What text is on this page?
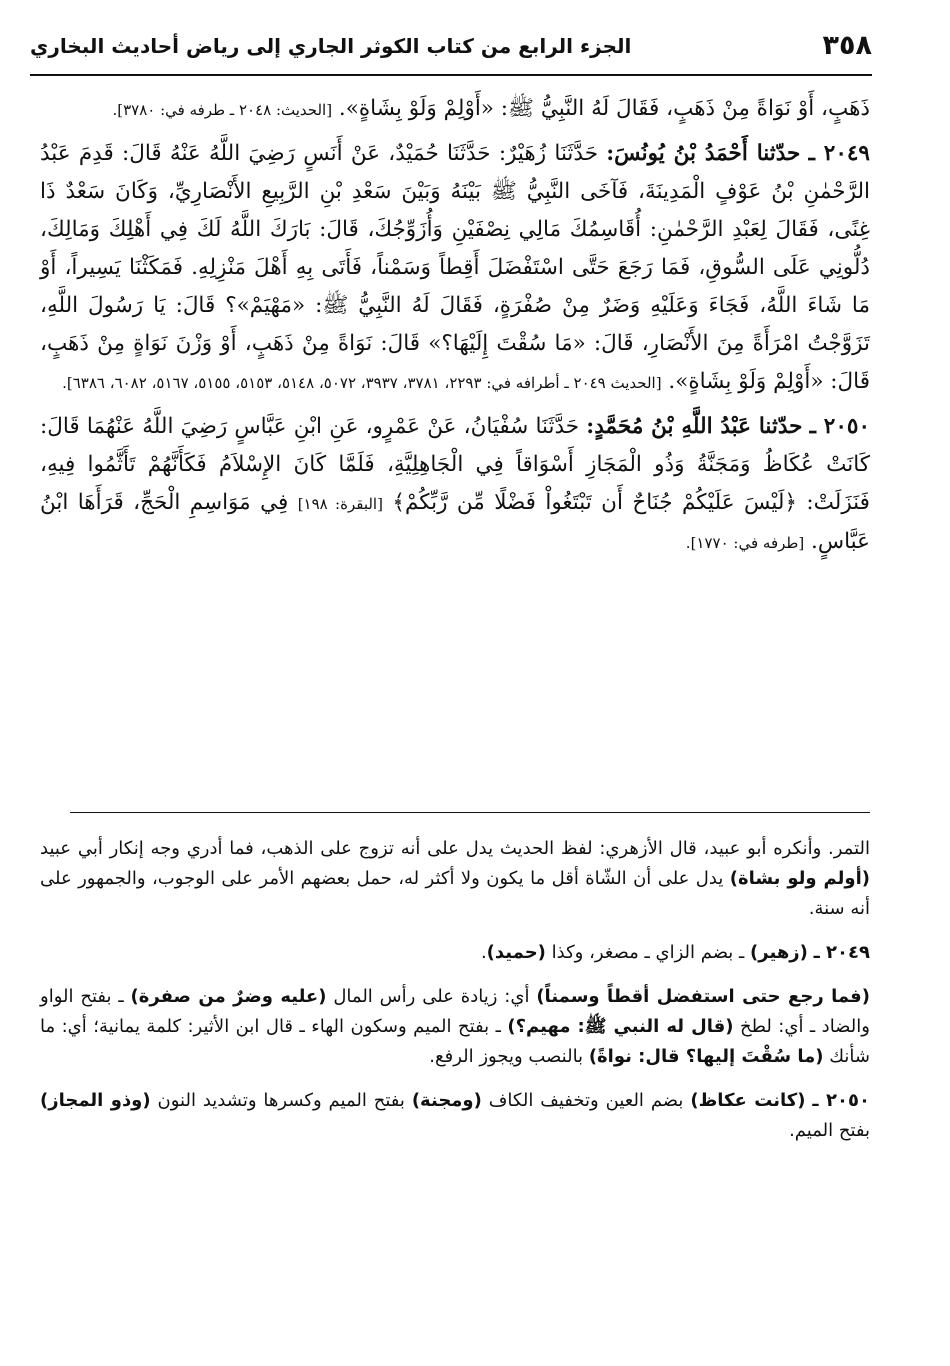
٣٥٨
الجزء الرابع من كتاب الكوثر الجاري إلى رياض أحاديث البخاري

ذَهَبٍ، أَوْ نَوَاةً مِنْ ذَهَبٍ، فَقَالَ لَهُ النَّبِيُّ ﷺ: «أَوْلِمْ وَلَوْ بِشَاةٍ». [الحديث: ٢٠٤٨ ـ طرفه في: ٣٧٨٠].

٢٠٤٩ ـ حدّثنا أَحْمَدُ بْنُ يُونُسَ: حَدَّثَنَا زُهَيْرٌ: حَدَّثَنَا حُمَيْدٌ، عَنْ أَنَسٍ رَضِيَ اللَّهُ عَنْهُ قَالَ: قَدِمَ عَبْدُ الرَّحْمٰنِ بْنُ عَوْفٍ الْمَدِينَةَ، فَآخَى النَّبِيُّ ﷺ بَيْنَهُ وَبَيْنَ سَعْدِ بْنِ الرَّبِيعِ الأَنْصَارِيِّ، وَكَانَ سَعْدٌ ذَا غِنًى، فَقَالَ لِعَبْدِ الرَّحْمٰنِ: أُقَاسِمُكَ مَالِي نِصْفَيْنِ وَأُزَوِّجُكَ، قَالَ: بَارَكَ اللَّهُ لَكَ فِي أَهْلِكَ وَمَالِكَ، دُلُّونِي عَلَى السُّوقِ، فَمَا رَجَعَ حَتَّى اسْتَفْضَلَ أَقِطاً وَسَمْناً، فَأَتَى بِهِ أَهْلَ مَنْزِلِهِ. فَمَكَثْنَا يَسِيراً، أَوْ مَا شَاءَ اللَّهُ، فَجَاءَ وَعَلَيْهِ وَضَرٌ مِنْ صُفْرَةٍ، فَقَالَ لَهُ النَّبِيُّ ﷺ: «مَهْيَمْ»؟ قَالَ: يَا رَسُولَ اللَّهِ، تَزَوَّجْتُ امْرَأَةً مِنَ الأَنْصَارِ، قَالَ: «مَا سُقْتَ إِلَيْهَا؟» قَالَ: نَوَاةً مِنْ ذَهَبٍ، أَوْ وَزْنَ نَوَاةٍ مِنْ ذَهَبٍ، قَالَ: «أَوْلِمْ وَلَوْ بِشَاةٍ». [الحديث ٢٠٤٩ ـ أطرافه في: ٢٢٩٣، ٣٧٨١، ٣٩٣٧، ٥٠٧٢، ٥١٤٨، ٥١٥٣، ٥١٥٥، ٥١٦٧، ٦٠٨٢، ٦٣٨٦].

٢٠٥٠ ـ حدّثنا عَبْدُ اللَّهِ بْنُ مُحَمَّدٍ: حَدَّثَنَا سُفْيَانُ، عَنْ عَمْرٍو، عَنِ ابْنِ عَبَّاسٍ رَضِيَ اللَّهُ عَنْهُمَا قَالَ: كَانَتْ عُكَاظُ وَمَجَنَّةُ وَذُو الْمَجَازِ أَسْوَاقاً فِي الْجَاهِلِيَّةِ، فَلَمَّا كَانَ الإِسْلاَمُ فَكَأَنَّهُمْ تَأَثَّمُوا فِيهِ، فَنَزَلَتْ: ﴿لَيْسَ عَلَيْكُمْ جُنَاحٌ أَن تَبْتَغُواْ فَضْلًا مِّن رَّبِّكُمْ﴾ [البقرة: ١٩٨] فِي مَوَاسِمِ الْحَجِّ، قَرَأَهَا ابْنُ عَبَّاسٍ. [طرفه في: ١٧٧٠].

التمر. وأنكره أبو عبيد، قال الأزهري: لفظ الحديث يدل على أنه تزوج على الذهب، فما أدري وجه إنكار أبي عبيد (أولم ولو بشاة) يدل على أن الشّاة أقل ما يكون ولا أكثر له، حمل بعضهم الأمر على الوجوب، والجمهور على أنه سنة.

٢٠٤٩ ـ (زهير) ـ بضم الزاي ـ مصغر، وكذا (حميد).

(فما رجع حتى استفضل أقطاً وسمناً) أي: زيادة على رأس المال (عليه وضرٌ من صفرة) ـ بفتح الواو والضاد ـ أي: لطخ (قال له النبي ﷺ: مهيم؟) ـ بفتح الميم وسكون الهاء ـ قال ابن الأثير: كلمة يمانية؛ أي: ما شأنك (ما سُقْتَ إليها؟ قال: نواةً) بالنصب ويجوز الرفع.

٢٠٥٠ ـ (كانت عكاظ) بضم العين وتخفيف الكاف (ومجنة) بفتح الميم وكسرها وتشديد النون (وذو المجاز) بفتح الميم.
